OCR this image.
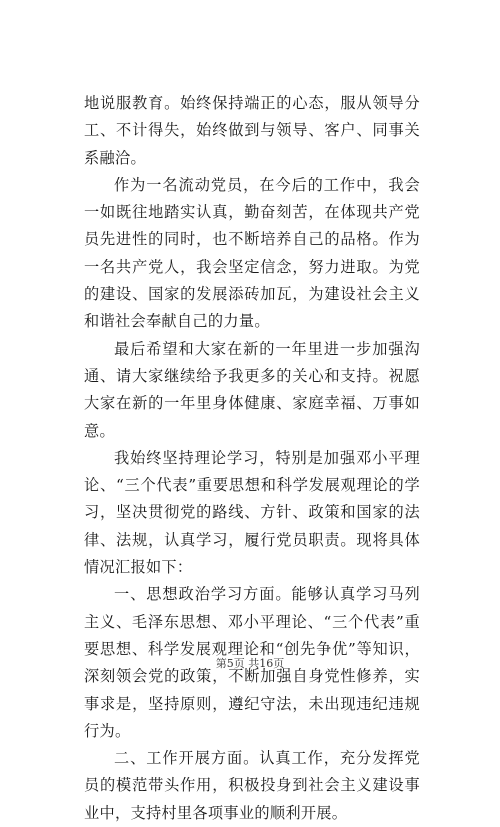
地说服教育。始终保持端正的心态，服从领导分工、不计得失，始终做到与领导、客户、同事关系融洽。

作为一名流动党员，在今后的工作中，我会一如既往地踏实认真，勤奋刻苦，在体现共产党员先进性的同时，也不断培养自己的品格。作为一名共产党人，我会坚定信念，努力进取。为党的建设、国家的发展添砖加瓦，为建设社会主义和谐社会奉献自己的力量。

最后希望和大家在新的一年里进一步加强沟通、请大家继续给予我更多的关心和支持。祝愿大家在新的一年里身体健康、家庭幸福、万事如意。

我始终坚持理论学习，特别是加强邓小平理论、“三个代表”重要思想和科学发展观理论的学习，坚决贯彻党的路线、方针、政策和国家的法律、法规，认真学习，履行党员职责。现将具体情况汇报如下：

一、思想政治学习方面。能够认真学习马列主义、毛泽东思想、邓小平理论、“三个代表”重要思想、科学发展观理论和“创先争优”等知识，深刻领会党的政策，不断加强自身党性修养，实事求是，坚持原则，遵纪守法，未出现违纪违规行为。

二、工作开展方面。认真工作，充分发挥党员的模范带头作用，积极投身到社会主义建设事业中，支持村里各项事业的顺利开展。

第5页 共16页
